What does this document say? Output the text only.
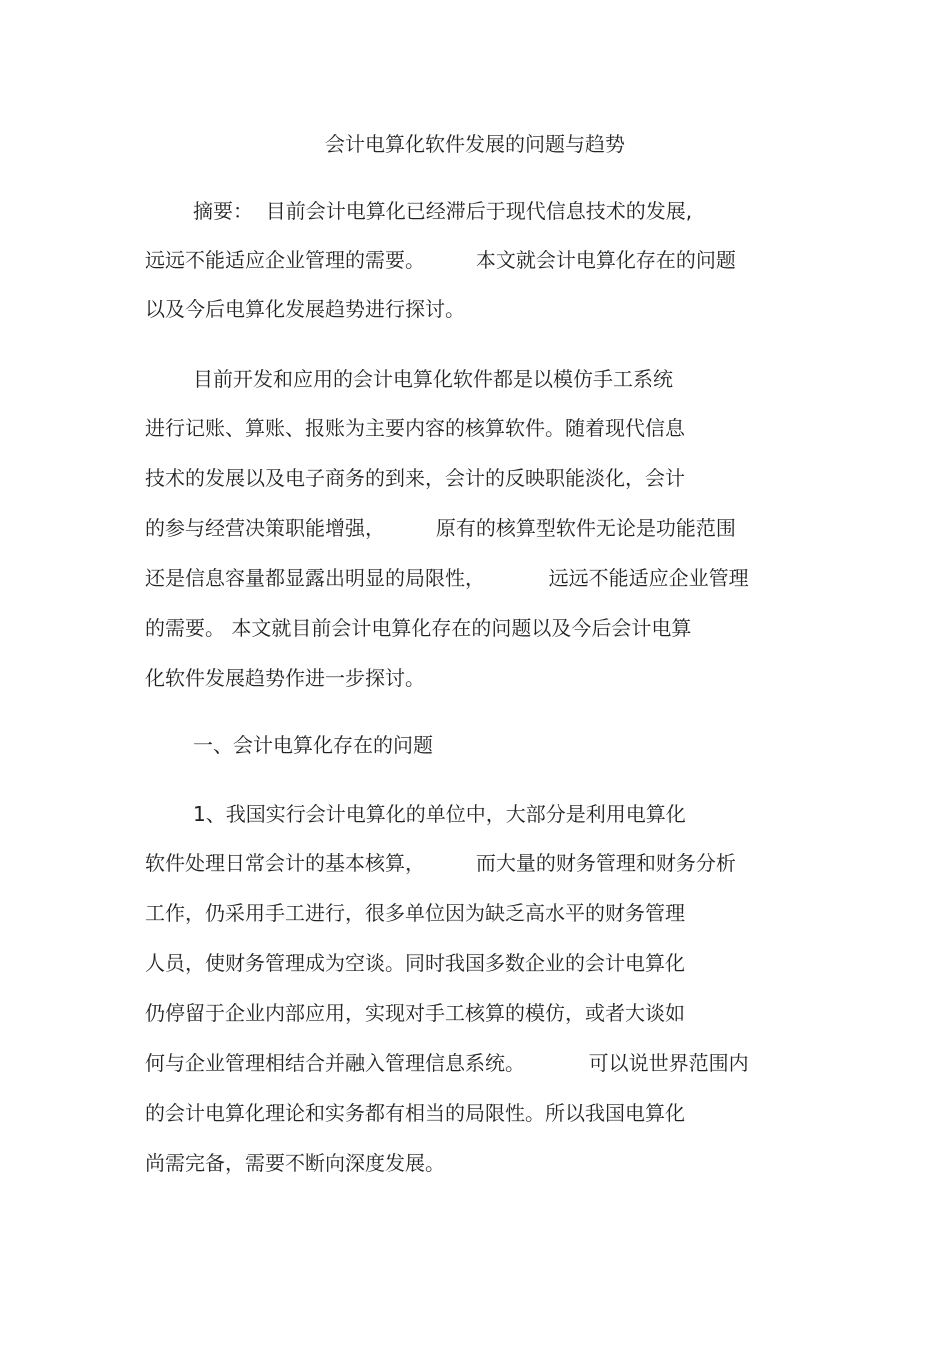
会计电算化软件发展的问题与趋势
摘要：  目前会计电算化已经滞后于现代信息技术的发展,
远远不能适应企业管理的需要。        本文就会计电算化存在的问题
以及今后电算化发展趋势进行探讨。
目前开发和应用的会计电算化软件都是以模仿手工系统
进行记账、算账、报账为主要内容的核算软件。随着现代信息
技术的发展以及电子商务的到来，会计的反映职能淡化，会计
的参与经营决策职能增强，        原有的核算型软件无论是功能范围
还是信息容量都显露出明显的局限性，          远远不能适应企业管理
的需要。 本文就目前会计电算化存在的问题以及今后会计电算
化软件发展趋势作进一步探讨。
一、会计电算化存在的问题
1、我国实行会计电算化的单位中，大部分是利用电算化
软件处理日常会计的基本核算，        而大量的财务管理和财务分析
工作，仍采用手工进行，很多单位因为缺乏高水平的财务管理
人员，使财务管理成为空谈。同时我国多数企业的会计电算化
仍停留于企业内部应用，实现对手工核算的模仿，或者大谈如
何与企业管理相结合并融入管理信息系统。          可以说世界范围内
的会计电算化理论和实务都有相当的局限性。所以我国电算化
尚需完备，需要不断向深度发展。
